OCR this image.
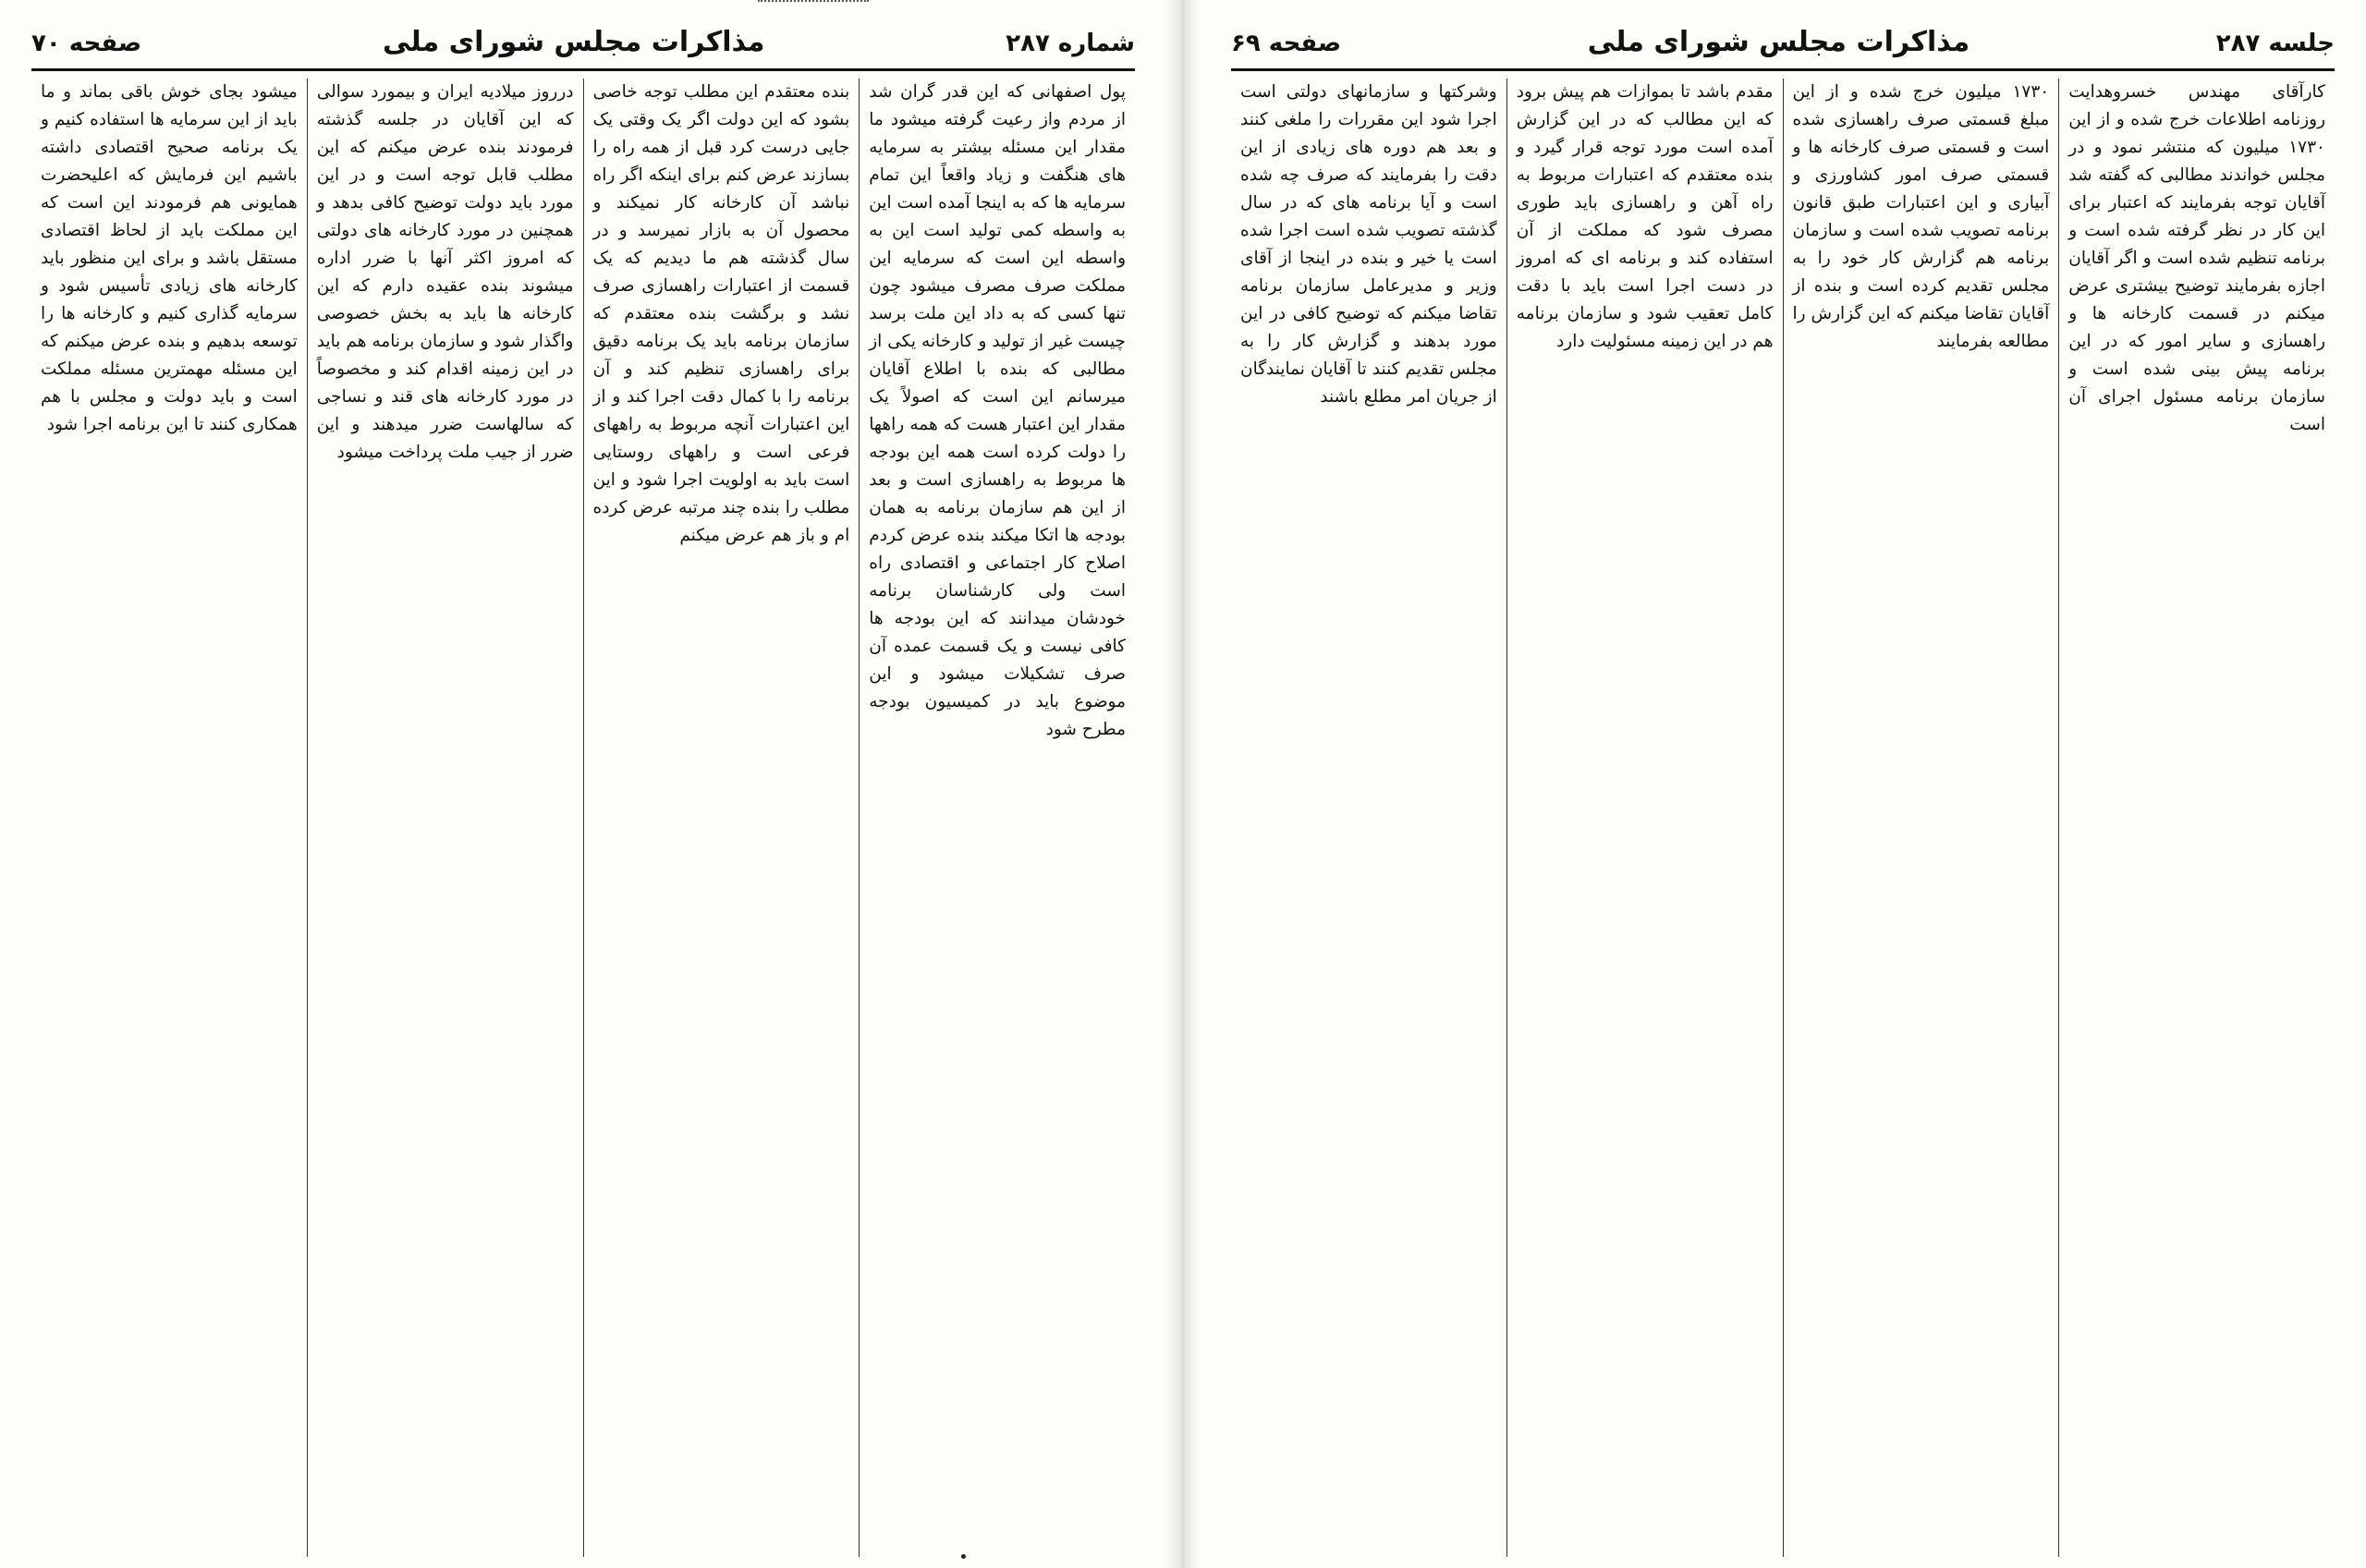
شماره ۲۸۷
مذاکرات مجلس شورای ملی
صفحه ۷۰

پول اصفهانی که این قدر گران شد از مردم واز رعیت گرفته میشود ما مقدار این مسئله بیشتر به سرمایه های هنگفت و زیاد واقعاً این تمام سرمایه ها که به اینجا آمده است این به واسطه کمی تولید است این به واسطه این است که سرمایه این مملکت صرف مصرف میشود چون تنها کسی که به داد این ملت برسد چیست غیر از تولید و کارخانه یکی از مطالبی که بنده با اطلاع آقایان میرسانم این است که اصولاً یک مقدار این اعتبار هست که همه راهها را دولت کرده است همه این بودجه ها مربوط به راهسازی است و بعد از این هم سازمان برنامه به همان بودجه ها اتکا میکند بنده عرض کردم اصلاح کار اجتماعی و اقتصادی راه است ولی کارشناسان برنامه خودشان میدانند که این بودجه ها کافی نیست و یک قسمت عمده آن صرف تشکیلات میشود و این موضوع باید در کمیسیون بودجه مطرح شود

بنده معتقدم این مطلب توجه خاصی بشود که این دولت اگر یک وقتی یک جایی درست کرد قبل از همه راه را بسازند عرض کنم برای اینکه اگر راه نباشد آن کارخانه کار نمیکند و محصول آن به بازار نمیرسد و در سال گذشته هم ما دیدیم که یک قسمت از اعتبارات راهسازی صرف نشد و برگشت بنده معتقدم که سازمان برنامه باید یک برنامه دقیق برای راهسازی تنظیم کند و آن برنامه را با کمال دقت اجرا کند و از این اعتبارات آنچه مربوط به راههای فرعی است و راههای روستایی است باید به اولویت اجرا شود و این مطلب را بنده چند مرتبه عرض کرده ام و باز هم عرض میکنم

درروز میلادیه ایران و بیمورد سوالی که این آقایان در جلسه گذشته فرمودند بنده عرض میکنم که این مطلب قابل توجه است و در این مورد باید دولت توضیح کافی بدهد و همچنین در مورد کارخانه های دولتی که امروز اکثر آنها با ضرر اداره میشوند بنده عقیده دارم که این کارخانه ها باید به بخش خصوصی واگذار شود و سازمان برنامه هم باید در این زمینه اقدام کند و مخصوصاً در مورد کارخانه های قند و نساجی که سالهاست ضرر میدهند و این ضرر از جیب ملت پرداخت میشود

میشود بجای خوش باقی بماند و ما باید از این سرمایه ها استفاده کنیم و یک برنامه صحیح اقتصادی داشته باشیم این فرمایش که اعلیحضرت همایونی هم فرمودند این است که این مملکت باید از لحاظ اقتصادی مستقل باشد و برای این منظور باید کارخانه های زیادی تأسیس شود و سرمایه گذاری کنیم و کارخانه ها را توسعه بدهیم و بنده عرض میکنم که این مسئله مهمترین مسئله مملکت است و باید دولت و مجلس با هم همکاری کنند تا این برنامه اجرا شود

جلسه ۲۸۷
مذاکرات مجلس شورای ملی
صفحه ۶۹

کارآقای مهندس خسروهدایت روزنامه اطلاعات خرج شده و از این ۱۷۳۰ میلیون که منتشر نمود و در مجلس خواندند مطالبی که گفته شد آقایان توجه بفرمایند که اعتبار برای این کار در نظر گرفته شده است و برنامه تنظیم شده است و اگر آقایان اجازه بفرمایند توضیح بیشتری عرض میکنم در قسمت کارخانه ها و راهسازی و سایر امور که در این برنامه پیش بینی شده است و سازمان برنامه مسئول اجرای آن است

۱۷۳۰ میلیون خرج شده و از این مبلغ قسمتی صرف راهسازی شده است و قسمتی صرف کارخانه ها و قسمتی صرف امور کشاورزی و آبیاری و این اعتبارات طبق قانون برنامه تصویب شده است و سازمان برنامه هم گزارش کار خود را به مجلس تقدیم کرده است و بنده از آقایان تقاضا میکنم که این گزارش را مطالعه بفرمایند

مقدم باشد تا بموازات هم پیش برود که این مطالب که در این گزارش آمده است مورد توجه قرار گیرد و بنده معتقدم که اعتبارات مربوط به راه آهن و راهسازی باید طوری مصرف شود که مملکت از آن استفاده کند و برنامه ای که امروز در دست اجرا است باید با دقت کامل تعقیب شود و سازمان برنامه هم در این زمینه مسئولیت دارد

وشرکتها و سازمانهای دولتی است اجرا شود این مقررات را ملغی کنند و بعد هم دوره های زیادی از این دقت را بفرمایند که صرف چه شده است و آیا برنامه های که در سال گذشته تصویب شده است اجرا شده است یا خیر و بنده در اینجا از آقای وزیر و مدیرعامل سازمان برنامه تقاضا میکنم که توضیح کافی در این مورد بدهند و گزارش کار را به مجلس تقدیم کنند تا آقایان نمایندگان از جریان امر مطلع باشند
